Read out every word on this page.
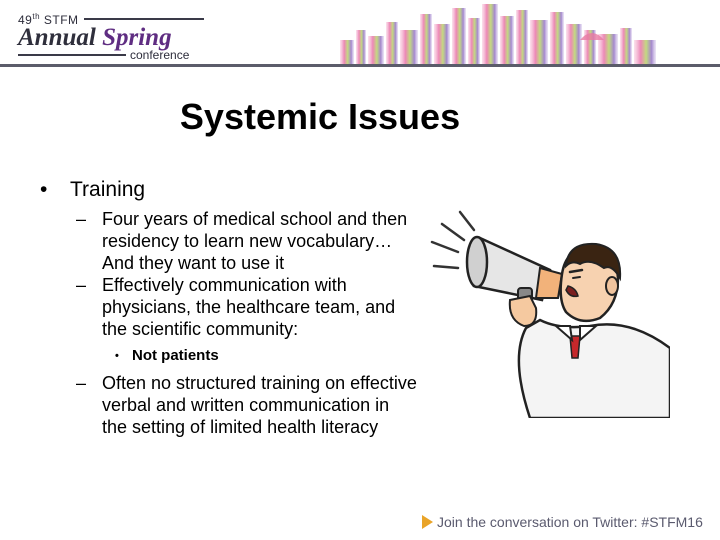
49th STFM
Annual Spring
conference
Systemic Issues
• Training
– Four years of medical school and then residency to learn new vocabulary…And they want to use it
– Effectively communication with physicians, the healthcare team, and the scientific community:
• Not patients
– Often no structured training on effective verbal and written communication in the setting of limited health literacy
Join the conversation on Twitter: #STFM16
